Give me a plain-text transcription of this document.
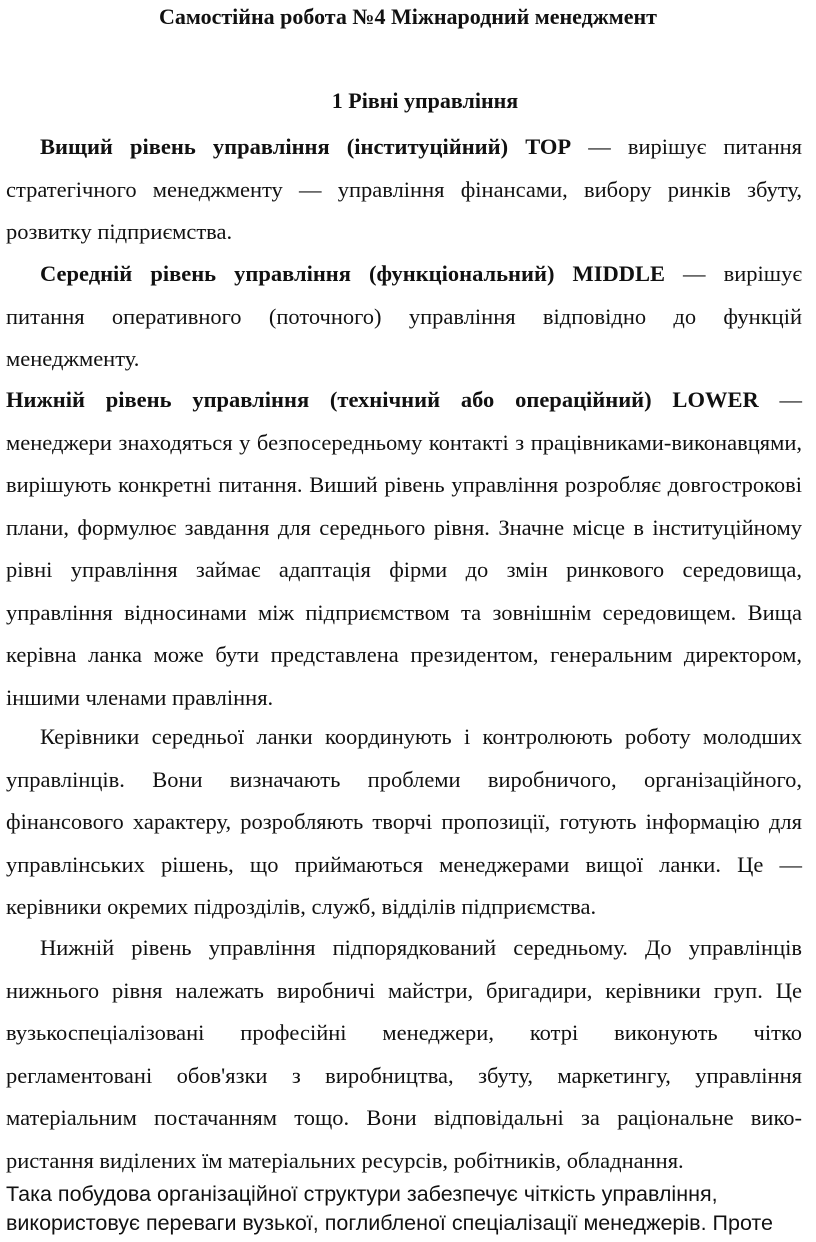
Самостійна робота №4 Міжнародний менеджмент
1 Рівні управління

Вищий рівень управління (інституційний) ТОР — вирішує питання стратегічного менеджменту — управління фінансами, вибору ринків збуту, розвитку підприємства.

Середній рівень управління (функціональний) MIDDLE — вирішує питання оперативного (поточного) управління відповідно до функцій менеджменту.

Нижній рівень управління (технічний або операційний) LOWER — менеджери знаходяться у безпосередньому контакті з працівниками-виконавцями, вирішують конкретні питання. Виший рівень управління розробляє довгострокові плани, формулює завдання для середнього рівня. Значне місце в інституційному рівні управління займає адаптація фірми до змін ринкового середовища, управління відносинами між підприємством та зовнішнім середовищем. Вища керівна ланка може бути представлена президентом, генеральним директором, іншими членами правління.

Керівники середньої ланки координують і контролюють роботу молодших управлінців. Вони визначають проблеми виробничого, організаційного, фінансового характеру, розробляють творчі пропозиції, готують інформацію для управлінських рішень, що приймаються менеджерами вищої ланки. Це — керівники окремих підрозділів, служб, відділів підприємства.

Нижній рівень управління підпорядкований середньому. До управлінців нижнього рівня належать виробничі майстри, бригадири, керівники груп. Це вузькоспеціалізовані професійні менеджери, котрі виконують чітко регламентовані обов'язки з виробництва, збуту, маркетингу, управління матеріальним постачанням тощо. Вони відповідальні за раціональне вико-ристання виділених їм матеріальних ресурсів, робітників, обладнання.

Така побудова організаційної структури забезпечує чіткість управління, використовує переваги вузької, поглибленої спеціалізації менеджерів. Проте
